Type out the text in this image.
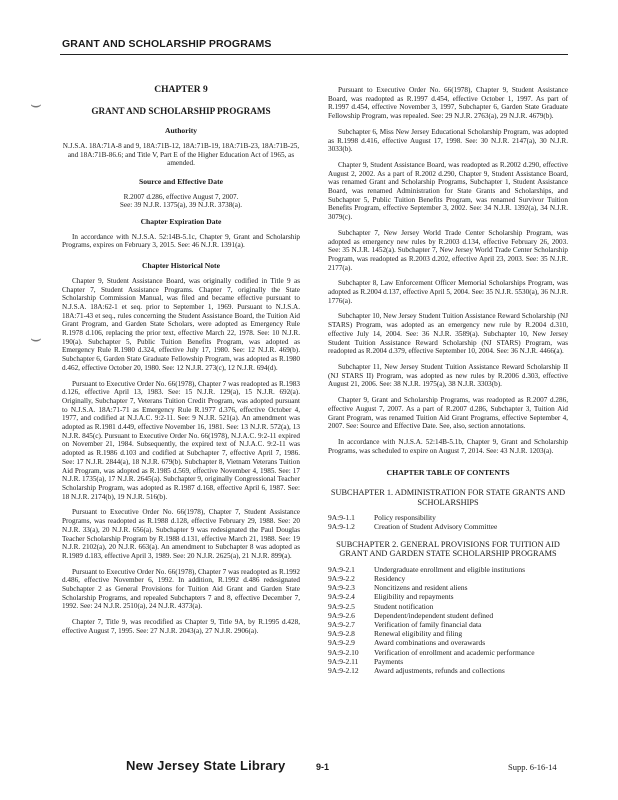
GRANT AND SCHOLARSHIP PROGRAMS
⌣
⌣
CHAPTER 9
GRANT AND SCHOLARSHIP PROGRAMS
Authority
N.J.S.A. 18A:71A-8 and 9, 18A:71B-12, 18A:71B-19, 18A:71B-23, 18A:71B-25, and 18A:71B-86.6; and Title V, Part E of the Higher Education Act of 1965, as amended.
Source and Effective Date
R.2007 d.286, effective August 7, 2007.
See: 39 N.J.R. 1375(a), 39 N.J.R. 3738(a).
Chapter Expiration Date

In accordance with N.J.S.A. 52:14B-5.1c, Chapter 9, Grant and Scholarship Programs, expires on February 3, 2015. See: 46 N.J.R. 1391(a).

Chapter Historical Note

Chapter 9, Student Assistance Board, was originally codified in Title 9 as Chapter 7, Student Assistance Programs. Chapter 7, originally the State Scholarship Commission Manual, was filed and became effective pursuant to N.J.S.A. 18A:62-1 et seq. prior to September 1, 1969. Pursuant to N.J.S.A. 18A:71-43 et seq., rules concerning the Student Assistance Board, the Tuition Aid Grant Program, and Garden State Scholars, were adopted as Emergency Rule R.1978 d.106, replacing the prior text, effective March 22, 1978. See: 10 N.J.R. 190(a). Subchapter 5, Public Tuition Benefits Program, was adopted as Emergency Rule R.1980 d.324, effective July 17, 1980. See: 12 N.J.R. 469(b). Subchapter 6, Garden State Graduate Fellowship Program, was adopted as R.1980 d.462, effective October 20, 1980. See: 12 N.J.R. 273(c), 12 N.J.R. 694(d).

Pursuant to Executive Order No. 66(1978), Chapter 7 was readopted as R.1983 d.126, effective April 13, 1983. See: 15 N.J.R. 129(a), 15 N.J.R. 692(a). Originally, Subchapter 7, Veterans Tuition Credit Program, was adopted pursuant to N.J.S.A. 18A:71-71 as Emergency Rule R.1977 d.376, effective October 4, 1977, and codified at N.J.A.C. 9:2-11. See: 9 N.J.R. 521(a). An amendment was adopted as R.1981 d.449, effective November 16, 1981. See: 13 N.J.R. 572(a), 13 N.J.R. 845(c). Pursuant to Executive Order No. 66(1978), N.J.A.C. 9:2-11 expired on November 21, 1984. Subsequently, the expired text of N.J.A.C. 9:2-11 was adopted as R.1986 d.103 and codified at Subchapter 7, effective April 7, 1986. See: 17 N.J.R. 2844(a), 18 N.J.R. 679(b). Subchapter 8, Vietnam Veterans Tuition Aid Program, was adopted as R.1985 d.569, effective November 4, 1985. See: 17 N.J.R. 1735(a), 17 N.J.R. 2645(a). Subchapter 9, originally Congressional Teacher Scholarship Program, was adopted as R.1987 d.168, effective April 6, 1987. See: 18 N.J.R. 2174(b), 19 N.J.R. 516(b).

Pursuant to Executive Order No. 66(1978), Chapter 7, Student Assistance Programs, was readopted as R.1988 d.128, effective February 29, 1988. See: 20 N.J.R. 33(a), 20 N.J.R. 656(a). Subchapter 9 was redesignated the Paul Douglas Teacher Scholarship Program by R.1988 d.131, effective March 21, 1988. See: 19 N.J.R. 2102(a), 20 N.J.R. 663(a). An amendment to Subchapter 8 was adopted as R.1989 d.183, effective April 3, 1989. See: 20 N.J.R. 2625(a), 21 N.J.R. 899(a).

Pursuant to Executive Order No. 66(1978), Chapter 7 was readopted as R.1992 d.486, effective November 6, 1992. In addition, R.1992 d.486 redesignated Subchapter 2 as General Provisions for Tuition Aid Grant and Garden State Scholarship Programs, and repealed Subchapters 7 and 8, effective December 7, 1992. See: 24 N.J.R. 2510(a), 24 N.J.R. 4373(a).

Chapter 7, Title 9, was recodified as Chapter 9, Title 9A, by R.1995 d.428, effective August 7, 1995. See: 27 N.J.R. 2043(a), 27 N.J.R. 2906(a).

Pursuant to Executive Order No. 66(1978), Chapter 9, Student Assistance Board, was readopted as R.1997 d.454, effective October 1, 1997. As part of R.1997 d.454, effective November 3, 1997, Subchapter 6, Garden State Graduate Fellowship Program, was repealed. See: 29 N.J.R. 2763(a), 29 N.J.R. 4679(b).

Subchapter 6, Miss New Jersey Educational Scholarship Program, was adopted as R.1998 d.416, effective August 17, 1998. See: 30 N.J.R. 2147(a), 30 N.J.R. 3033(b).

Chapter 9, Student Assistance Board, was readopted as R.2002 d.290, effective August 2, 2002. As a part of R.2002 d.290, Chapter 9, Student Assistance Board, was renamed Grant and Scholarship Programs, Subchapter 1, Student Assistance Board, was renamed Administration for State Grants and Scholarships, and Subchapter 5, Public Tuition Benefits Program, was renamed Survivor Tuition Benefits Program, effective September 3, 2002. See: 34 N.J.R. 1392(a), 34 N.J.R. 3079(c).

Subchapter 7, New Jersey World Trade Center Scholarship Program, was adopted as emergency new rules by R.2003 d.134, effective February 26, 2003. See: 35 N.J.R. 1452(a). Subchapter 7, New Jersey World Trade Center Scholarship Program, was readopted as R.2003 d.202, effective April 23, 2003. See: 35 N.J.R. 2177(a).

Subchapter 8, Law Enforcement Officer Memorial Scholarships Program, was adopted as R.2004 d.137, effective April 5, 2004. See: 35 N.J.R. 5530(a), 36 N.J.R. 1776(a).

Subchapter 10, New Jersey Student Tuition Assistance Reward Scholarship (NJ STARS) Program, was adopted as an emergency new rule by R.2004 d.310, effective July 14, 2004. See: 36 N.J.R. 3589(a). Subchapter 10, New Jersey Student Tuition Assistance Reward Scholarship (NJ STARS) Program, was readopted as R.2004 d.379, effective September 10, 2004. See: 36 N.J.R. 4466(a).

Subchapter 11, New Jersey Student Tuition Assistance Reward Scholarship II (NJ STARS II) Program, was adopted as new rules by R.2006 d.303, effective August 21, 2006. See: 38 N.J.R. 1975(a), 38 N.J.R. 3303(b).

Chapter 9, Grant and Scholarship Programs, was readopted as R.2007 d.286, effective August 7, 2007. As a part of R.2007 d.286, Subchapter 3, Tuition Aid Grant Program, was renamed Tuition Aid Grant Programs, effective September 4, 2007. See: Source and Effective Date. See, also, section annotations.

In accordance with N.J.S.A. 52:14B-5.1b, Chapter 9, Grant and Scholarship Programs, was scheduled to expire on August 7, 2014. See: 43 N.J.R. 1203(a).

CHAPTER TABLE OF CONTENTS
SUBCHAPTER 1. ADMINISTRATION FOR STATE GRANTS AND SCHOLARSHIPS
9A:9-1.1	Policy responsibility
9A:9-1.2	Creation of Student Advisory Committee
SUBCHAPTER 2. GENERAL PROVISIONS FOR TUITION AID GRANT AND GARDEN STATE SCHOLARSHIP PROGRAMS
9A:9-2.1	Undergraduate enrollment and eligible institutions
9A:9-2.2	Residency
9A:9-2.3	Noncitizens and resident aliens
9A:9-2.4	Eligibility and repayments
9A:9-2.5	Student notification
9A:9-2.6	Dependent/independent student defined
9A:9-2.7	Verification of family financial data
9A:9-2.8	Renewal eligibility and filing
9A:9-2.9	Award combinations and overawards
9A:9-2.10	Verification of enrollment and academic performance
9A:9-2.11	Payments
9A:9-2.12	Award adjustments, refunds and collections
New Jersey State Library	9-1	Supp. 6-16-14
